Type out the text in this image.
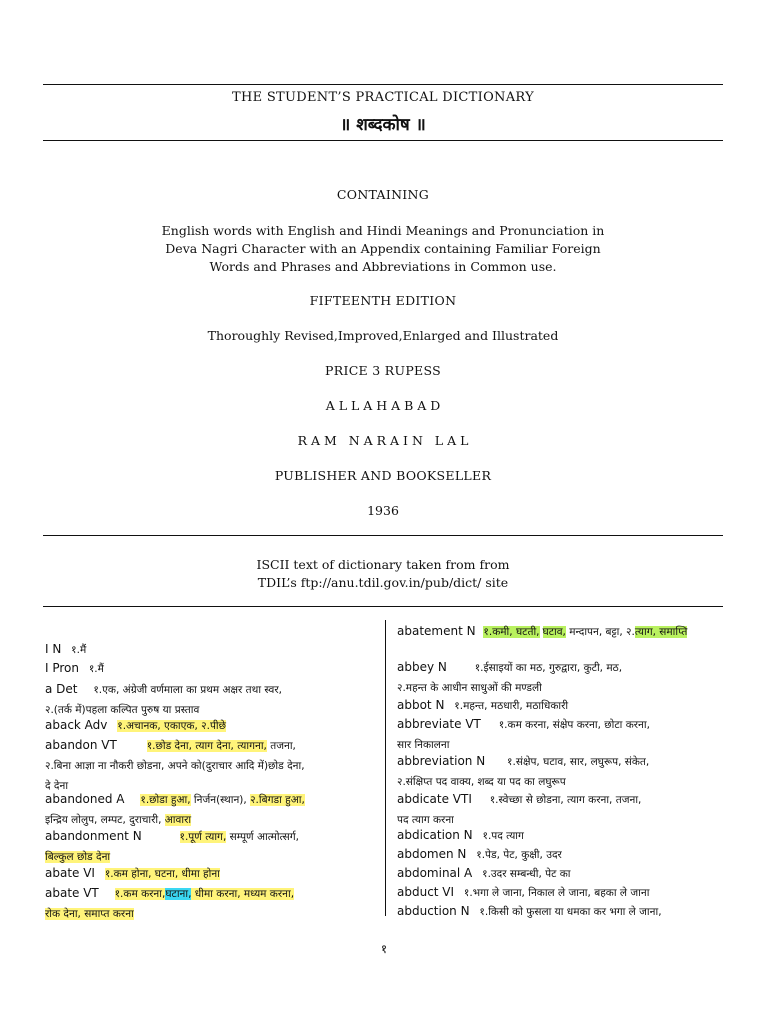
THE STUDENT’S PRACTICAL DICTIONARY
॥ शब्दकोष ॥
CONTAINING
English words with English and Hindi Meanings and Pronunciation in
Deva Nagri Character with an Appendix containing Familiar Foreign
Words and Phrases and Abbreviations in Common use.
FIFTEENTH EDITION
Thoroughly Revised,Improved,Enlarged and Illustrated
PRICE 3 RUPESS
A L L A H A B A D
R A M   N A R A I N   L A L
PUBLISHER AND BOOKSELLER
1936
ISCII text of dictionary taken from from
TDIL’s ftp://anu.tdil.gov.in/pub/dict/ site
I N १.मैं
I Pron १.मैं
a Det १.एक, अंग्रेजी वर्णमाला का प्रथम अक्षर तथा स्वर,
२.(तर्क में)पहला कल्पित पुरुष या प्रस्ताव
aback Adv १.अचानक, एकाएक, २.पीछे
abandon VT	१.छोड देना, त्याग देना, त्यागना, तजना,
२.बिना आज्ञा ना नौकरी छोडना, अपने को(दुराचार आदि में)छोड देना,
दे देना
abandoned A १.छोडा हुआ, निर्जन(स्थान), २.बिगडा हुआ,
इन्द्रिय लोलुप, लम्पट, दुराचारी, आवारा
abandonment N	१.पूर्ण त्याग, सम्पूर्ण आत्मोत्सर्ग,
बिल्कुल छोड देना
abate VI १.कम होना, घटना, धीमा होना
abate VT १.कम करना,घटाना, धीमा करना, मध्यम करना,
रोक देना, समाप्त करना
abatement N १.कमी, घटती, घटाव, मन्दापन, बट्टा, २.त्याग, समाप्ति
abbey N	१.ईसाइयों का मठ, गुरुद्वारा, कुटी, मठ,
२.महन्त के आधीन साधुओं की मण्डली
abbot N १.महन्त, मठधारी, मठाधिकारी
abbreviate VT १.कम करना, संक्षेप करना, छोटा करना,
सार निकालना
abbreviation N १.संक्षेप, घटाव, सार, लघुरूप, संकेत,
२.संक्षिप्त पद वाक्य, शब्द या पद का लघुरूप
abdicate VTI १.स्वेच्छा से छोडना, त्याग करना, तजना,
पद त्याग करना
abdication N १.पद त्याग
abdomen N १.पेड, पेट, कुक्षी, उदर
abdominal A १.उदर सम्बन्धी, पेट का
abduct VI १.भगा ले जाना, निकाल ले जाना, बहका ले जाना
abduction N १.किसी को फुसला या धमका कर भगा ले जाना,
१
